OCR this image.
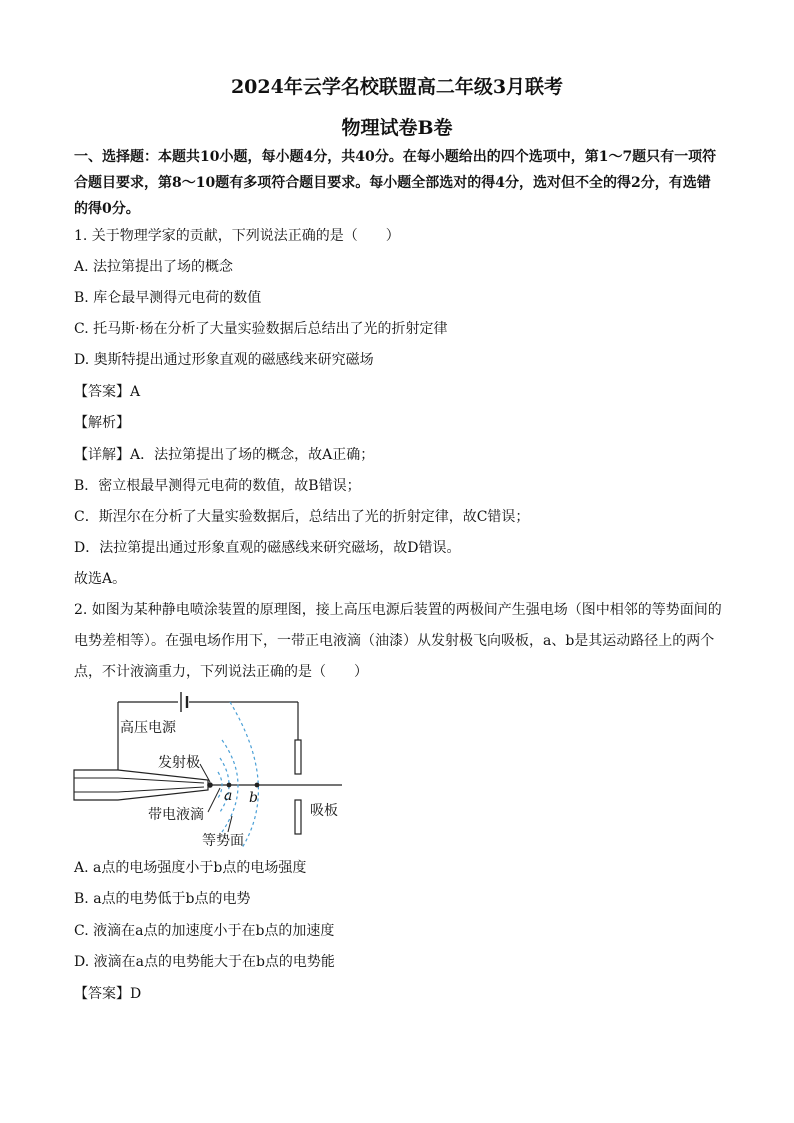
2024年云学名校联盟高二年级3月联考
物理试卷B卷
一、选择题：本题共10小题，每小题4分，共40分。在每小题给出的四个选项中，第1～7题只有一项符
合题目要求，第8～10题有多项符合题目要求。每小题全部选对的得4分，选对但不全的得2分，有选错
的得0分。
1. 关于物理学家的贡献，下列说法正确的是（　　）
A. 法拉第提出了场的概念
B. 库仑最早测得元电荷的数值
C. 托马斯·杨在分析了大量实验数据后总结出了光的折射定律
D. 奥斯特提出通过形象直观的磁感线来研究磁场
【答案】A
【解析】
【详解】A．法拉第提出了场的概念，故A正确；
B．密立根最早测得元电荷的数值，故B错误；
C．斯涅尔在分析了大量实验数据后，总结出了光的折射定律，故C错误；
D．法拉第提出通过形象直观的磁感线来研究磁场，故D错误。
故选A。
2. 如图为某种静电喷涂装置的原理图，接上高压电源后装置的两极间产生强电场（图中相邻的等势面间的
电势差相等）。在强电场作用下，一带正电液滴（油漆）从发射极飞向吸板，a、b是其运动路径上的两个
点，不计液滴重力，下列说法正确的是（　　）
高压电源
发射极
a b
带电液滴	吸板
等势面
A. a点的电场强度小于b点的电场强度
B. a点的电势低于b点的电势
C. 液滴在a点的加速度小于在b点的加速度
D. 液滴在a点的电势能大于在b点的电势能
【答案】D
